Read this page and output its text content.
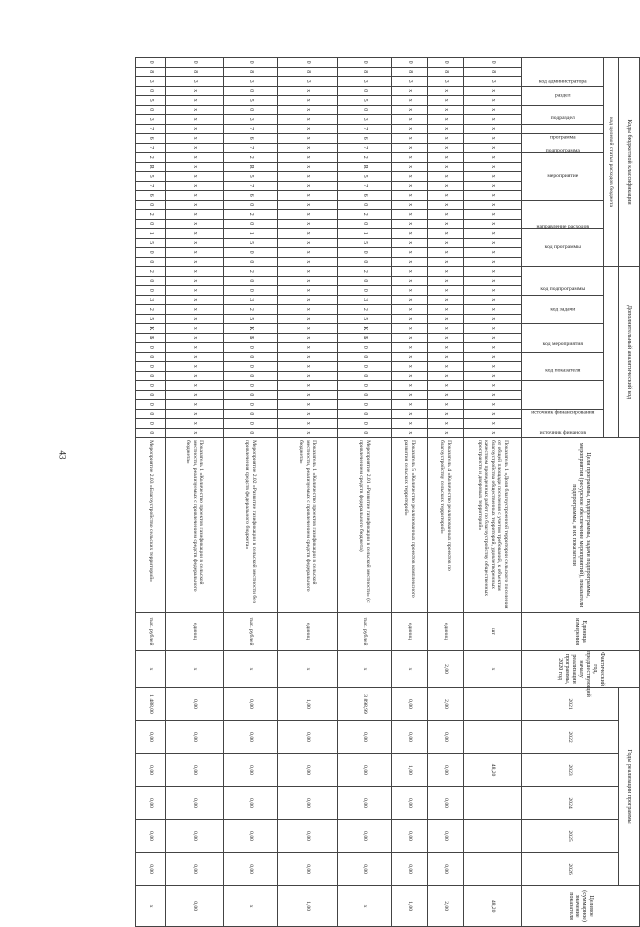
43
Коды бюджетной классификации																						Дополнительный аналитический код																		Цели программы, подпрограммы, задачи подпрограммы, мероприятия (ресурсное обеспечение мероприятий), показатели подпрограммы, и их показатели	Единица измерения	Фактический год, предшествующий началу реализации программы, 2020 год	Годы реализации программы						Целевое (суммарное) значение показателя
код целевой статьи расходов бюджета																																											2021	2022	2023	2024	2025	2026	
код администратора			раздел		подраздел		программа	подпрограмма		мероприятие					направление расходов			код программы				код подпрограммы			код задачи			код мероприятия			код показателя			источник финансирования			источник финансов												
0	8	3	x	x	x	x	x	x	x	x	x	x	x	x	x	x	x	x	x	x	x	x	x	x	x	x	x	x	x	x	x	x	x	x	x	x	x	x	x	Показатель 1 «Доля благоустроенной территории сельского поселения от общей площади поселения с учетом требований, к объектам благоустройства общественных территорий, удовлетворенных качеством проведенных работ по благоустройству общественных пространств и дворовых территорий»	шт	х			48,20				48,20
0	8	3	x	x	x	x	x	x	x	x	x	x	x	x	x	x	x	x	x	x	x	x	x	x	x	x	x	x	x	x	x	x	x	x	x	x	x	x	x	Показатель 4 «Количество реализованных проектов по благоустройству сельских территорий»	единиц	2,00	2,00	0,00	0,00	0,00	0,00	0,00	2,00
0	8	3	x	x	x	x	x	x	x	x	x	x	x	x	x	x	x	x	x	x	x	x	x	x	x	x	x	x	x	x	x	x	x	x	x	x	x	x	x	Показатель 5 «Количество реализованных проектов комплексного развития сельских территорий»	единиц	х	0,00	0,00	1,00	0,00	0,00	0,00	1,00
0	8	3	0	5	0	3	7	6	7	2	R	5	7	6	0	2	0	1	5	0	0	2	0	0	3	2	5	К	Б	0	0	0	0	0	0	0	0	0	0	Мероприятие 2.01 «Развитие газификации в сельской местности» (с привлечением средств федерального бюджета)	тыс. рублей	х	3 898,99	0,00	0,00	0,00	0,00	0,00	х
0	8	3	x	x	x	x	x	x	x	x	x	x	x	x	x	x	x	x	x	x	x	x	x	x	x	x	x	x	x	x	x	x	x	x	x	x	x	x	x	Показатель 1 «Количество проектов газификации в сельской местности, реализуемых с привлечением средств федерального бюджета»	единиц	х	1,00	0,00	0,00	0,00	0,00	0,00	1,00
0	8	3	0	5	0	3	7	6	7	2	R	5	7	6	0	2	0	1	5	0	0	2	0	0	3	2	5	К	Б	0	0	0	0	0	0	0	0	0	0	Мероприятие 2.02 «Развитие газификации в сельской местности без привлечения средств федерального бюджета»	тыс. рублей	х	0,00	0,00	0,00	0,00	0,00	0,00	х
0	8	3	x	x	x	x	x	x	x	x	x	x	x	x	x	x	x	x	x	x	x	x	x	x	x	x	x	x	x	x	x	x	x	x	x	x	x	x	x	Показатель 1 «Количество проектов газификации в сельской местности, реализуемых с привлечением средств федерального бюджета»	единиц	х	0,00	0,00	0,00	0,00	0,00	0,00	0,00
0	8	3	0	5	0	3	7	6	7	2	R	5	7	6	0	2	0	1	5	0	0	2	0	0	3	2	5	К	Б	0	0	0	0	0	0	0	0	0	0	Мероприятие 2.03 «Благоустройство сельских территорий»	тыс. рублей	х	1 488,00	0,00	0,00	0,00	0,00	0,00	х
